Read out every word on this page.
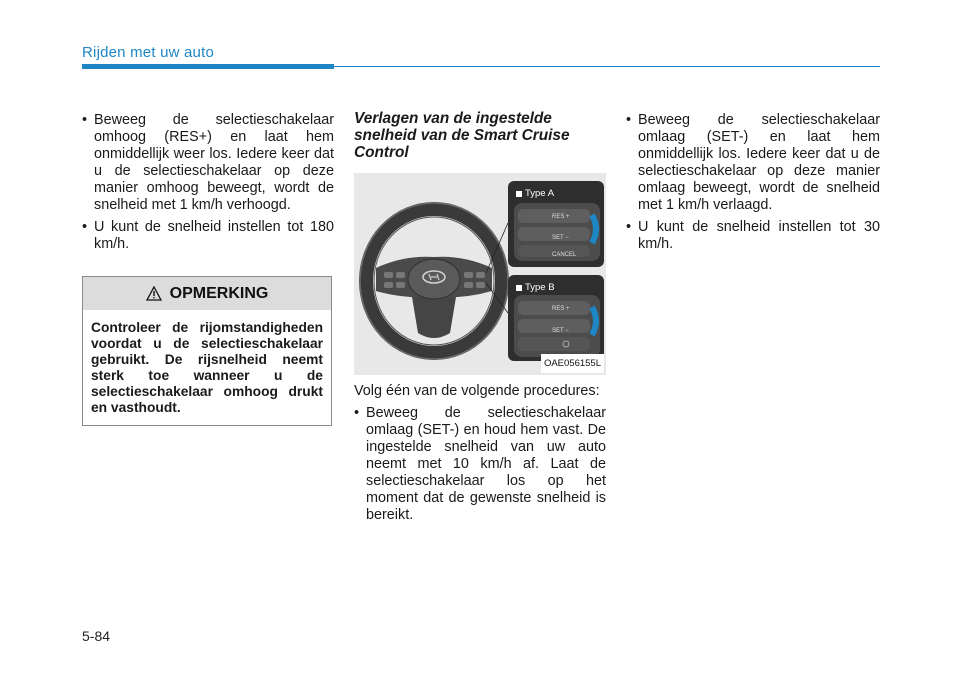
Rijden met uw auto
• Beweeg de selectieschakelaar omhoog (RES+) en laat hem onmiddellijk weer los. Iedere keer dat u de selectieschakelaar op deze manier omhoog beweegt, wordt de snelheid met 1 km/h verhoogd.
• U kunt de snelheid instellen tot 180 km/h.
OPMERKING
Controleer de rijomstandigheden voordat u de selectieschakelaar gebruikt. De rijsnelheid neemt sterk toe wanneer u de selectieschakelaar omhoog drukt en vasthoudt.
Verlagen van de ingestelde snelheid van de Smart Cruise Control
Type A
Type B
RES +
SET −
CANCEL
RES +
SET −
OAE056155L

Volg één van de volgende procedures:

• Beweeg de selectieschakelaar omlaag (SET-) en houd hem vast. De ingestelde snelheid van uw auto neemt met 10 km/h af. Laat de selectieschakelaar los op het moment dat de gewenste snelheid is bereikt.
• Beweeg de selectieschakelaar omlaag (SET-) en laat hem onmiddellijk los. Iedere keer dat u de selectieschakelaar op deze manier omlaag beweegt, wordt de snelheid met 1 km/h verlaagd.
• U kunt de snelheid instellen tot 30 km/h.
5-84
